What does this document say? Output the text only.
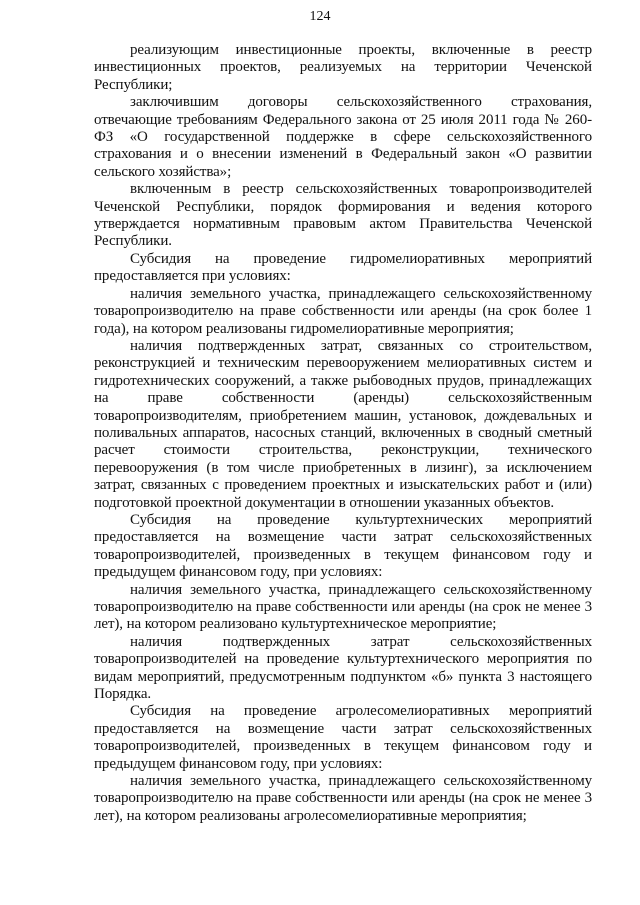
124

реализующим инвестиционные проекты, включенные в реестр инвестиционных проектов, реализуемых на территории Чеченской Республики;

заключившим договоры сельскохозяйственного страхования, отвечающие требованиям Федерального закона от 25 июля 2011 года № 260-ФЗ «О государственной поддержке в сфере сельскохозяйственного страхования и о внесении изменений в Федеральный закон «О развитии сельского хозяйства»;

включенным в реестр сельскохозяйственных товаропроизводителей Чеченской Республики, порядок формирования и ведения которого утверждается нормативным правовым актом Правительства Чеченской Республики.

Субсидия на проведение гидромелиоративных мероприятий предоставляется при условиях:

наличия земельного участка, принадлежащего сельскохозяйственному товаропроизводителю на праве собственности или аренды (на срок более 1 года), на котором реализованы гидромелиоративные мероприятия;

наличия подтвержденных затрат, связанных со строительством, реконструкцией и техническим перевооружением мелиоративных систем и гидротехнических сооружений, а также рыбоводных прудов, принадлежащих на праве собственности (аренды) сельскохозяйственным товаропроизводителям, приобретением машин, установок, дождевальных и поливальных аппаратов, насосных станций, включенных в сводный сметный расчет стоимости строительства, реконструкции, технического перевооружения (в том числе приобретенных в лизинг), за исключением затрат, связанных с проведением проектных и изыскательских работ и (или) подготовкой проектной документации в отношении указанных объектов.

Субсидия на проведение культуртехнических мероприятий предоставляется на возмещение части затрат сельскохозяйственных товаропроизводителей, произведенных в текущем финансовом году и предыдущем финансовом году, при условиях:

наличия земельного участка, принадлежащего сельскохозяйственному товаропроизводителю на праве собственности или аренды (на срок не менее 3 лет), на котором реализовано культуртехническое мероприятие;

наличия подтвержденных затрат сельскохозяйственных товаропроизводителей на проведение культуртехнического мероприятия по видам мероприятий, предусмотренным подпунктом «б» пункта 3 настоящего Порядка.

Субсидия на проведение агролесомелиоративных мероприятий предоставляется на возмещение части затрат сельскохозяйственных товаропроизводителей, произведенных в текущем финансовом году и предыдущем финансовом году, при условиях:

наличия земельного участка, принадлежащего сельскохозяйственному товаропроизводителю на праве собственности или аренды (на срок не менее 3 лет), на котором реализованы агролесомелиоративные мероприятия;
